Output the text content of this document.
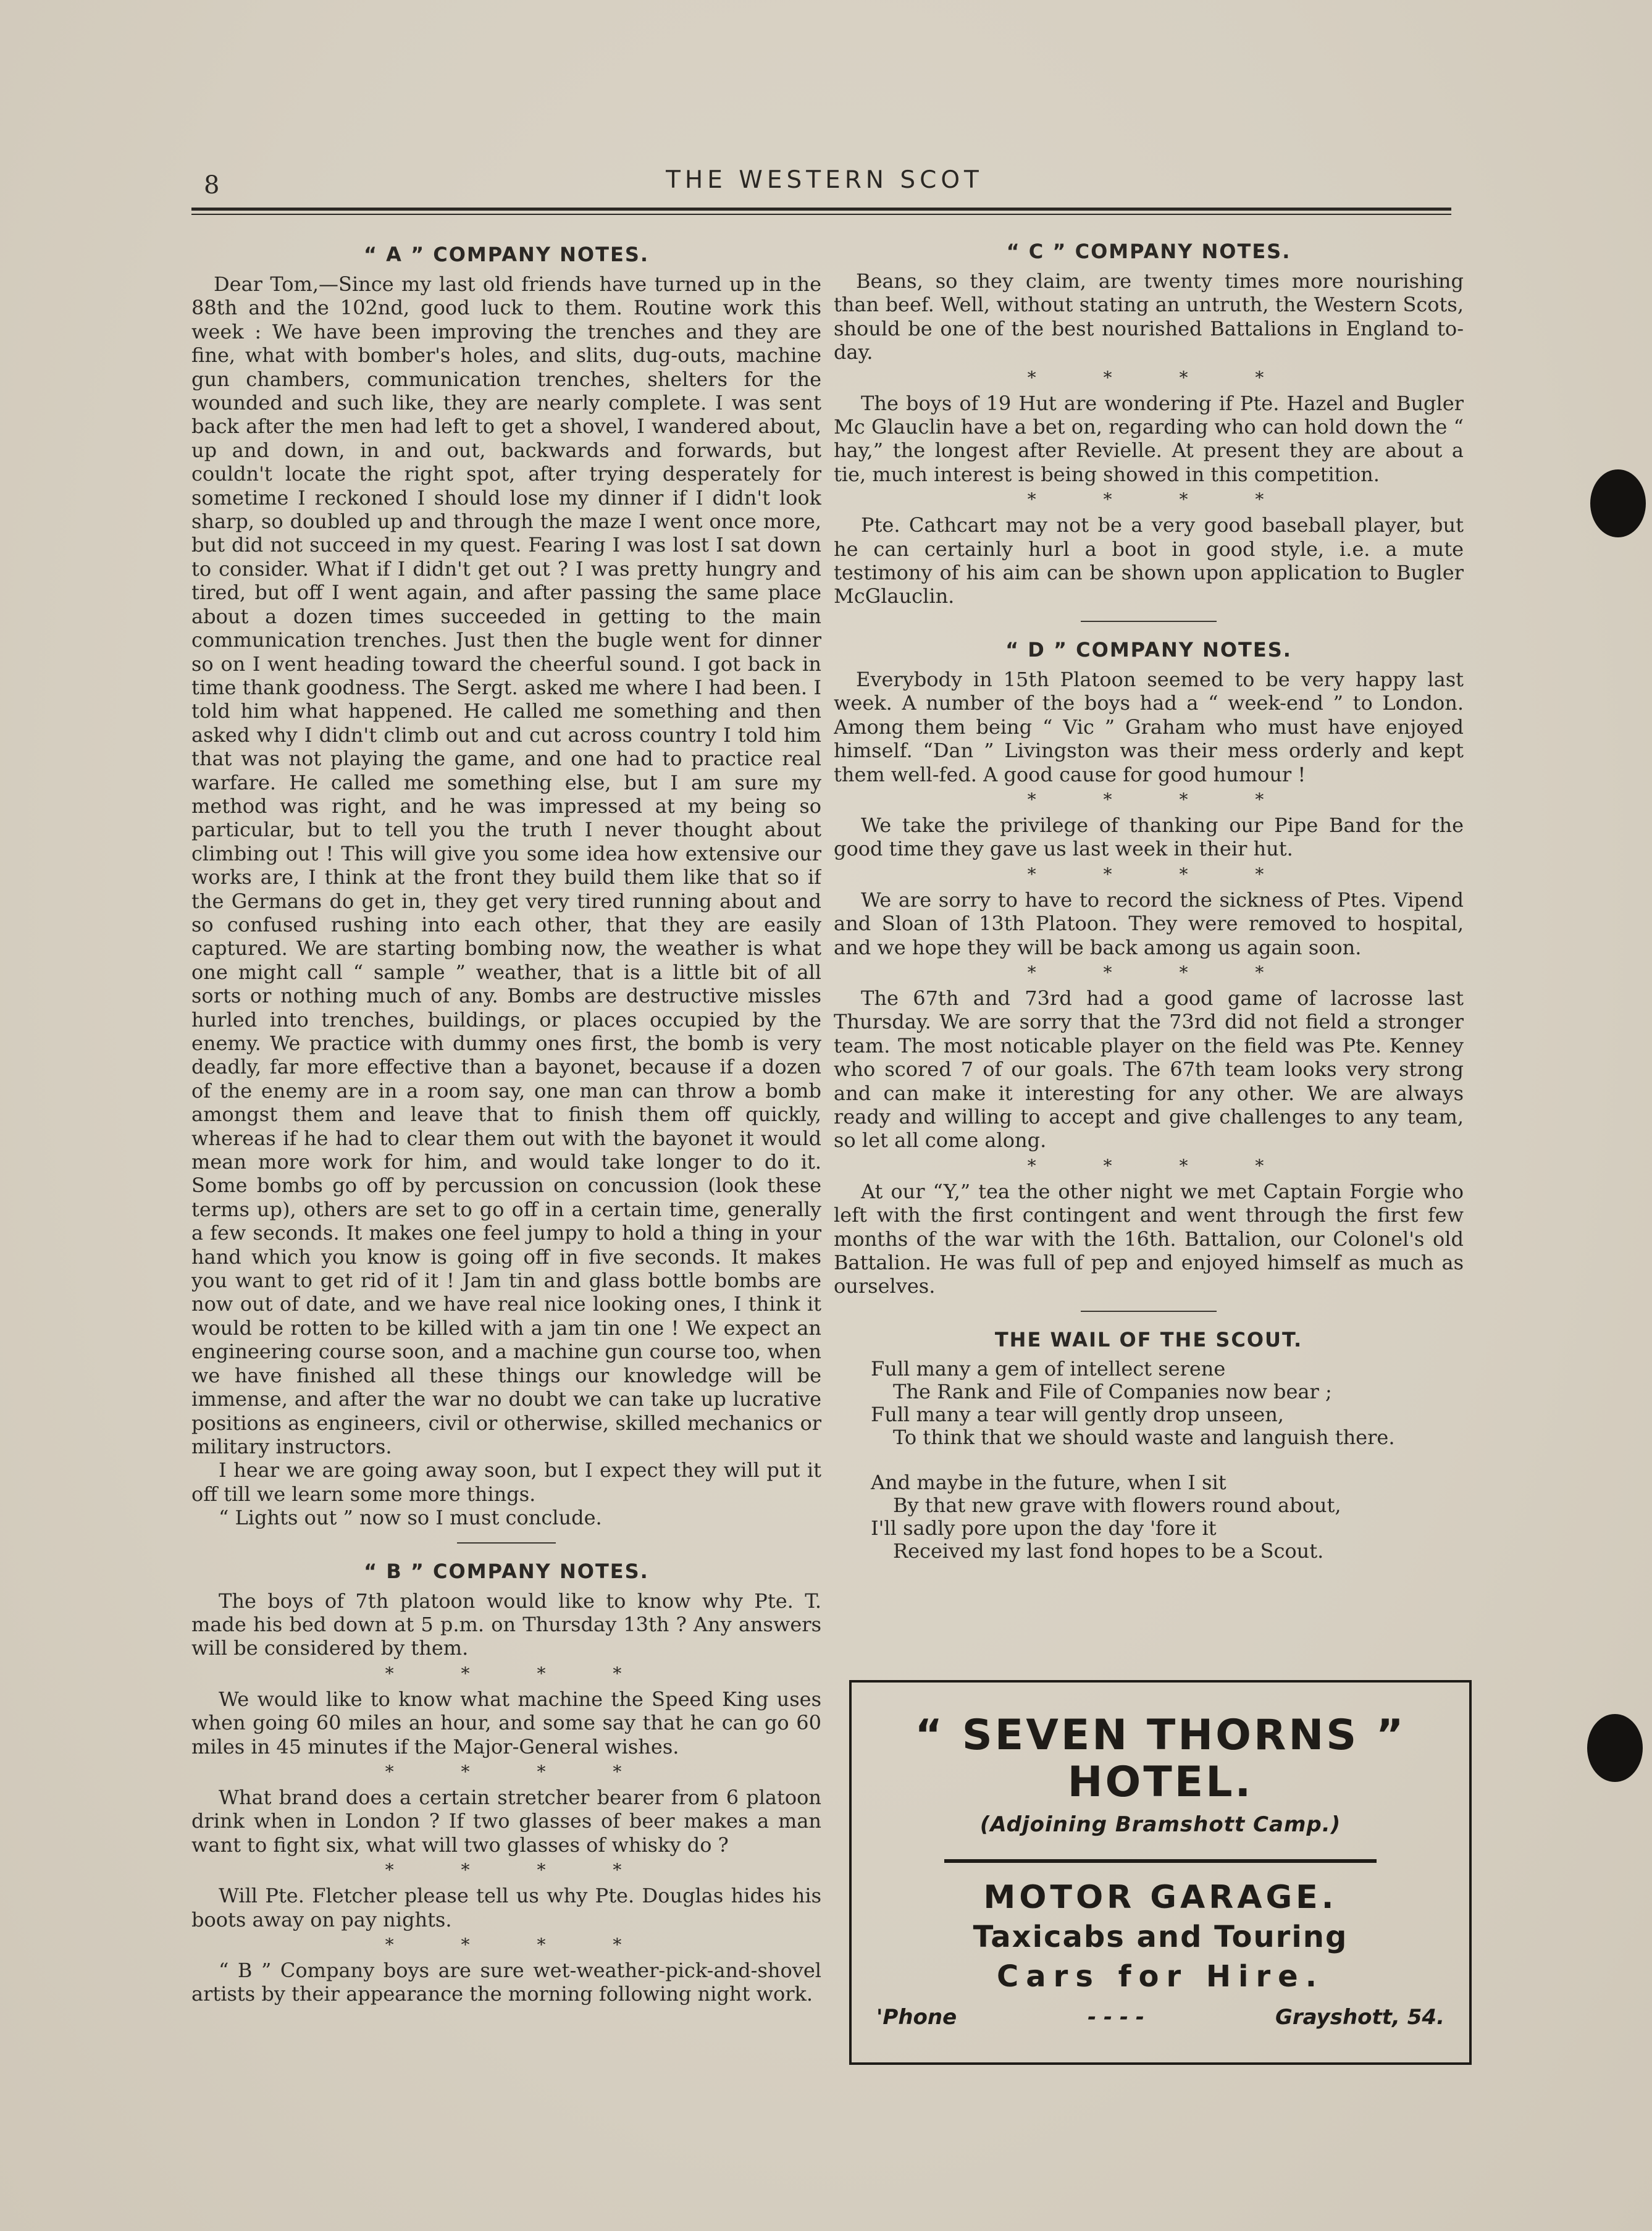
8	THE WESTERN SCOT
“ A ” COMPANY NOTES.

Dear Tom,—Since my last old friends have turned up in the 88th and the 102nd, good luck to them. Routine work this week : We have been improving the trenches and they are fine, what with bomber's holes, and slits, dug-outs, machine gun chambers, communication trenches, shelters for the wounded and such like, they are nearly complete. I was sent back after the men had left to get a shovel, I wandered about, up and down, in and out, backwards and forwards, but couldn't locate the right spot, after trying desperately for sometime I reckoned I should lose my dinner if I didn't look sharp, so doubled up and through the maze I went once more, but did not succeed in my quest. Fearing I was lost I sat down to consider. What if I didn't get out ? I was pretty hungry and tired, but off I went again, and after passing the same place about a dozen times succeeded in getting to the main communication trenches. Just then the bugle went for dinner so on I went heading toward the cheerful sound. I got back in time thank goodness. The Sergt. asked me where I had been. I told him what happened. He called me something and then asked why I didn't climb out and cut across country I told him that was not playing the game, and one had to practice real warfare. He called me something else, but I am sure my method was right, and he was impressed at my being so particular, but to tell you the truth I never thought about climbing out ! This will give you some idea how extensive our works are, I think at the front they build them like that so if the Germans do get in, they get very tired running about and so confused rushing into each other, that they are easily captured. We are starting bombing now, the weather is what one might call “ sample ” weather, that is a little bit of all sorts or nothing much of any. Bombs are destructive missles hurled into trenches, buildings, or places occupied by the enemy. We practice with dummy ones first, the bomb is very deadly, far more effective than a bayonet, because if a dozen of the enemy are in a room say, one man can throw a bomb amongst them and leave that to finish them off quickly, whereas if he had to clear them out with the bayonet it would mean more work for him, and would take longer to do it. Some bombs go off by percussion on concussion (look these terms up), others are set to go off in a certain time, generally a few seconds. It makes one feel jumpy to hold a thing in your hand which you know is going off in five seconds. It makes you want to get rid of it ! Jam tin and glass bottle bombs are now out of date, and we have real nice looking ones, I think it would be rotten to be killed with a jam tin one ! We expect an engineering course soon, and a machine gun course too, when we have finished all these things our knowledge will be immense, and after the war no doubt we can take up lucrative positions as engineers, civil or otherwise, skilled mechanics or military instructors.

I hear we are going away soon, but I expect they will put it off till we learn some more things.

“ Lights out ” now so I must conclude.

“ B ” COMPANY NOTES.

The boys of 7th platoon would like to know why Pte. T. made his bed down at 5 p.m. on Thursday 13th ? Any answers will be considered by them.

* * * *

We would like to know what machine the Speed King uses when going 60 miles an hour, and some say that he can go 60 miles in 45 minutes if the Major-General wishes.

* * * *

What brand does a certain stretcher bearer from 6 platoon drink when in London ? If two glasses of beer makes a man want to fight six, what will two glasses of whisky do ?

* * * *

Will Pte. Fletcher please tell us why Pte. Douglas hides his boots away on pay nights.

* * * *

“ B ” Company boys are sure wet-weather-pick-and-shovel artists by their appearance the morning following night work.

“ C ” COMPANY NOTES.

Beans, so they claim, are twenty times more nourishing than beef. Well, without stating an untruth, the Western Scots, should be one of the best nourished Battalions in England to-day.

* * * *

The boys of 19 Hut are wondering if Pte. Hazel and Bugler Mc Glauclin have a bet on, regarding who can hold down the “ hay,” the longest after Revielle. At present they are about a tie, much interest is being showed in this competition.

* * * *

Pte. Cathcart may not be a very good baseball player, but he can certainly hurl a boot in good style, i.e. a mute testimony of his aim can be shown upon application to Bugler McGlauclin.

“ D ” COMPANY NOTES.

Everybody in 15th Platoon seemed to be very happy last week. A number of the boys had a “ week-end ” to London. Among them being “ Vic ” Graham who must have enjoyed himself. “Dan ” Livingston was their mess orderly and kept them well-fed. A good cause for good humour !

* * * *

We take the privilege of thanking our Pipe Band for the good time they gave us last week in their hut.

* * * *

We are sorry to have to record the sickness of Ptes. Vipend and Sloan of 13th Platoon. They were removed to hospital, and we hope they will be back among us again soon.

* * * *

The 67th and 73rd had a good game of lacrosse last Thursday. We are sorry that the 73rd did not field a stronger team. The most noticable player on the field was Pte. Kenney who scored 7 of our goals. The 67th team looks very strong and can make it interesting for any other. We are always ready and willing to accept and give challenges to any team, so let all come along.

* * * *

At our “Y,” tea the other night we met Captain Forgie who left with the first contingent and went through the first few months of the war with the 16th. Battalion, our Colonel's old Battalion. He was full of pep and enjoyed himself as much as ourselves.

THE WAIL OF THE SCOUT.

Full many a gem of intellect serene

The Rank and File of Companies now bear ;

Full many a tear will gently drop unseen,

To think that we should waste and languish there.

And maybe in the future, when I sit

By that new grave with flowers round about,

I'll sadly pore upon the day 'fore it

Received my last fond hopes to be a Scout.

“ SEVEN THORNS ”
HOTEL.
(Adjoining Bramshott Camp.)
MOTOR GARAGE.
Taxicabs and Touring
Cars for Hire.
'Phone	- - - -	Grayshott, 54.
